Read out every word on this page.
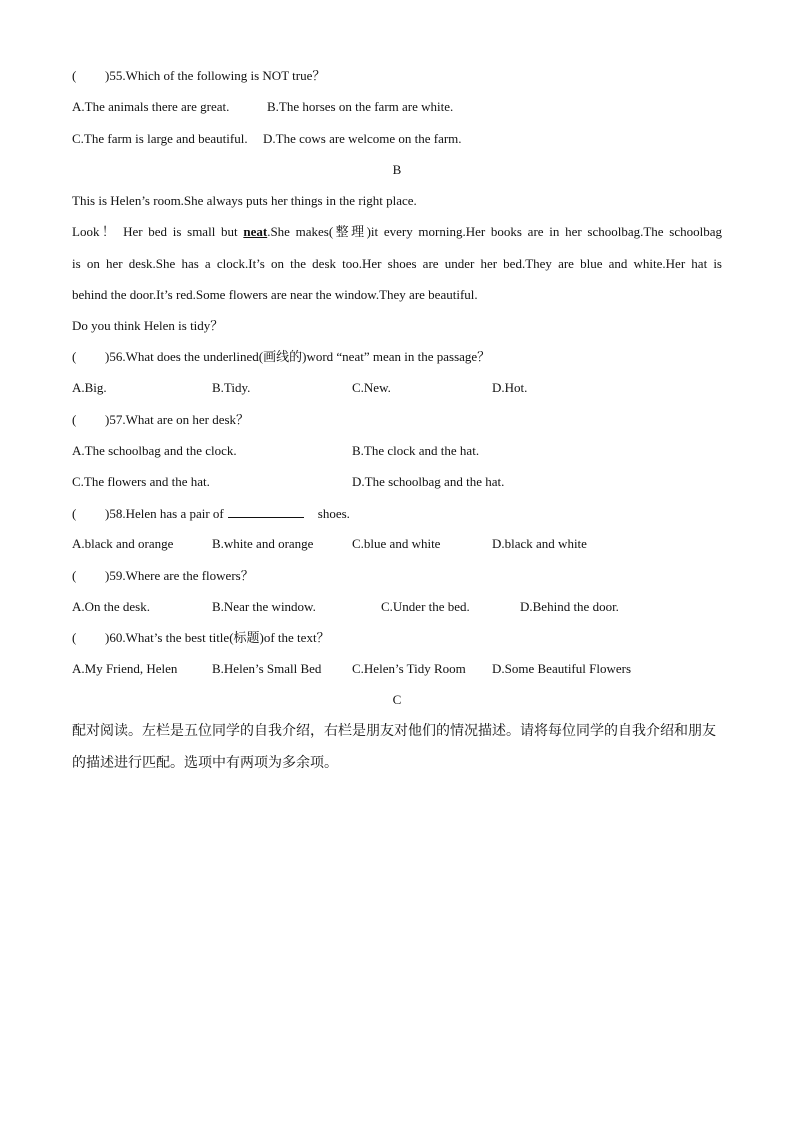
( )55.Which of the following is NOT true？
A.The animals there are great.	B.The horses on the farm are white.
C.The farm is large and beautiful. D.The cows are welcome on the farm.
B
This is Helen’s room.She always puts her things in the right place.
Look！ Her bed is small but neat.She makes(整理)it every morning.Her books are in her schoolbag.The schoolbag
is on her desk.She has a clock.It’s on the desk too.Her shoes are under her bed.They are blue and white.Her hat is
behind the door.It’s red.Some flowers are near the window.They are beautiful.
Do you think Helen is tidy？
( )56.What does the underlined(画线的)word “neat” mean in the passage？
A.Big.	B.Tidy.	C.New.	D.Hot.
( )57.What are on her desk？
A.The schoolbag and the clock.	B.The clock and the hat.
C.The flowers and the hat.	D.The schoolbag and the hat.
( )58.Helen has a pair of	shoes.
A.black and orange	B.white and orange	C.blue and white	D.black and white
( )59.Where are the flowers？
A.On the desk.	B.Near the window.	C.Under the bed.	D.Behind the door.
( )60.What’s the best title(标题)of the text？
A.My Friend, Helen	B.Helen’s Small Bed C.Helen’s Tidy Room D.Some Beautiful Flowers
C
配对阅读。左栏是五位同学的自我介绍，右栏是朋友对他们的情况描述。请将每位同学的自我介绍和朋友
的描述进行匹配。选项中有两项为多余项。
